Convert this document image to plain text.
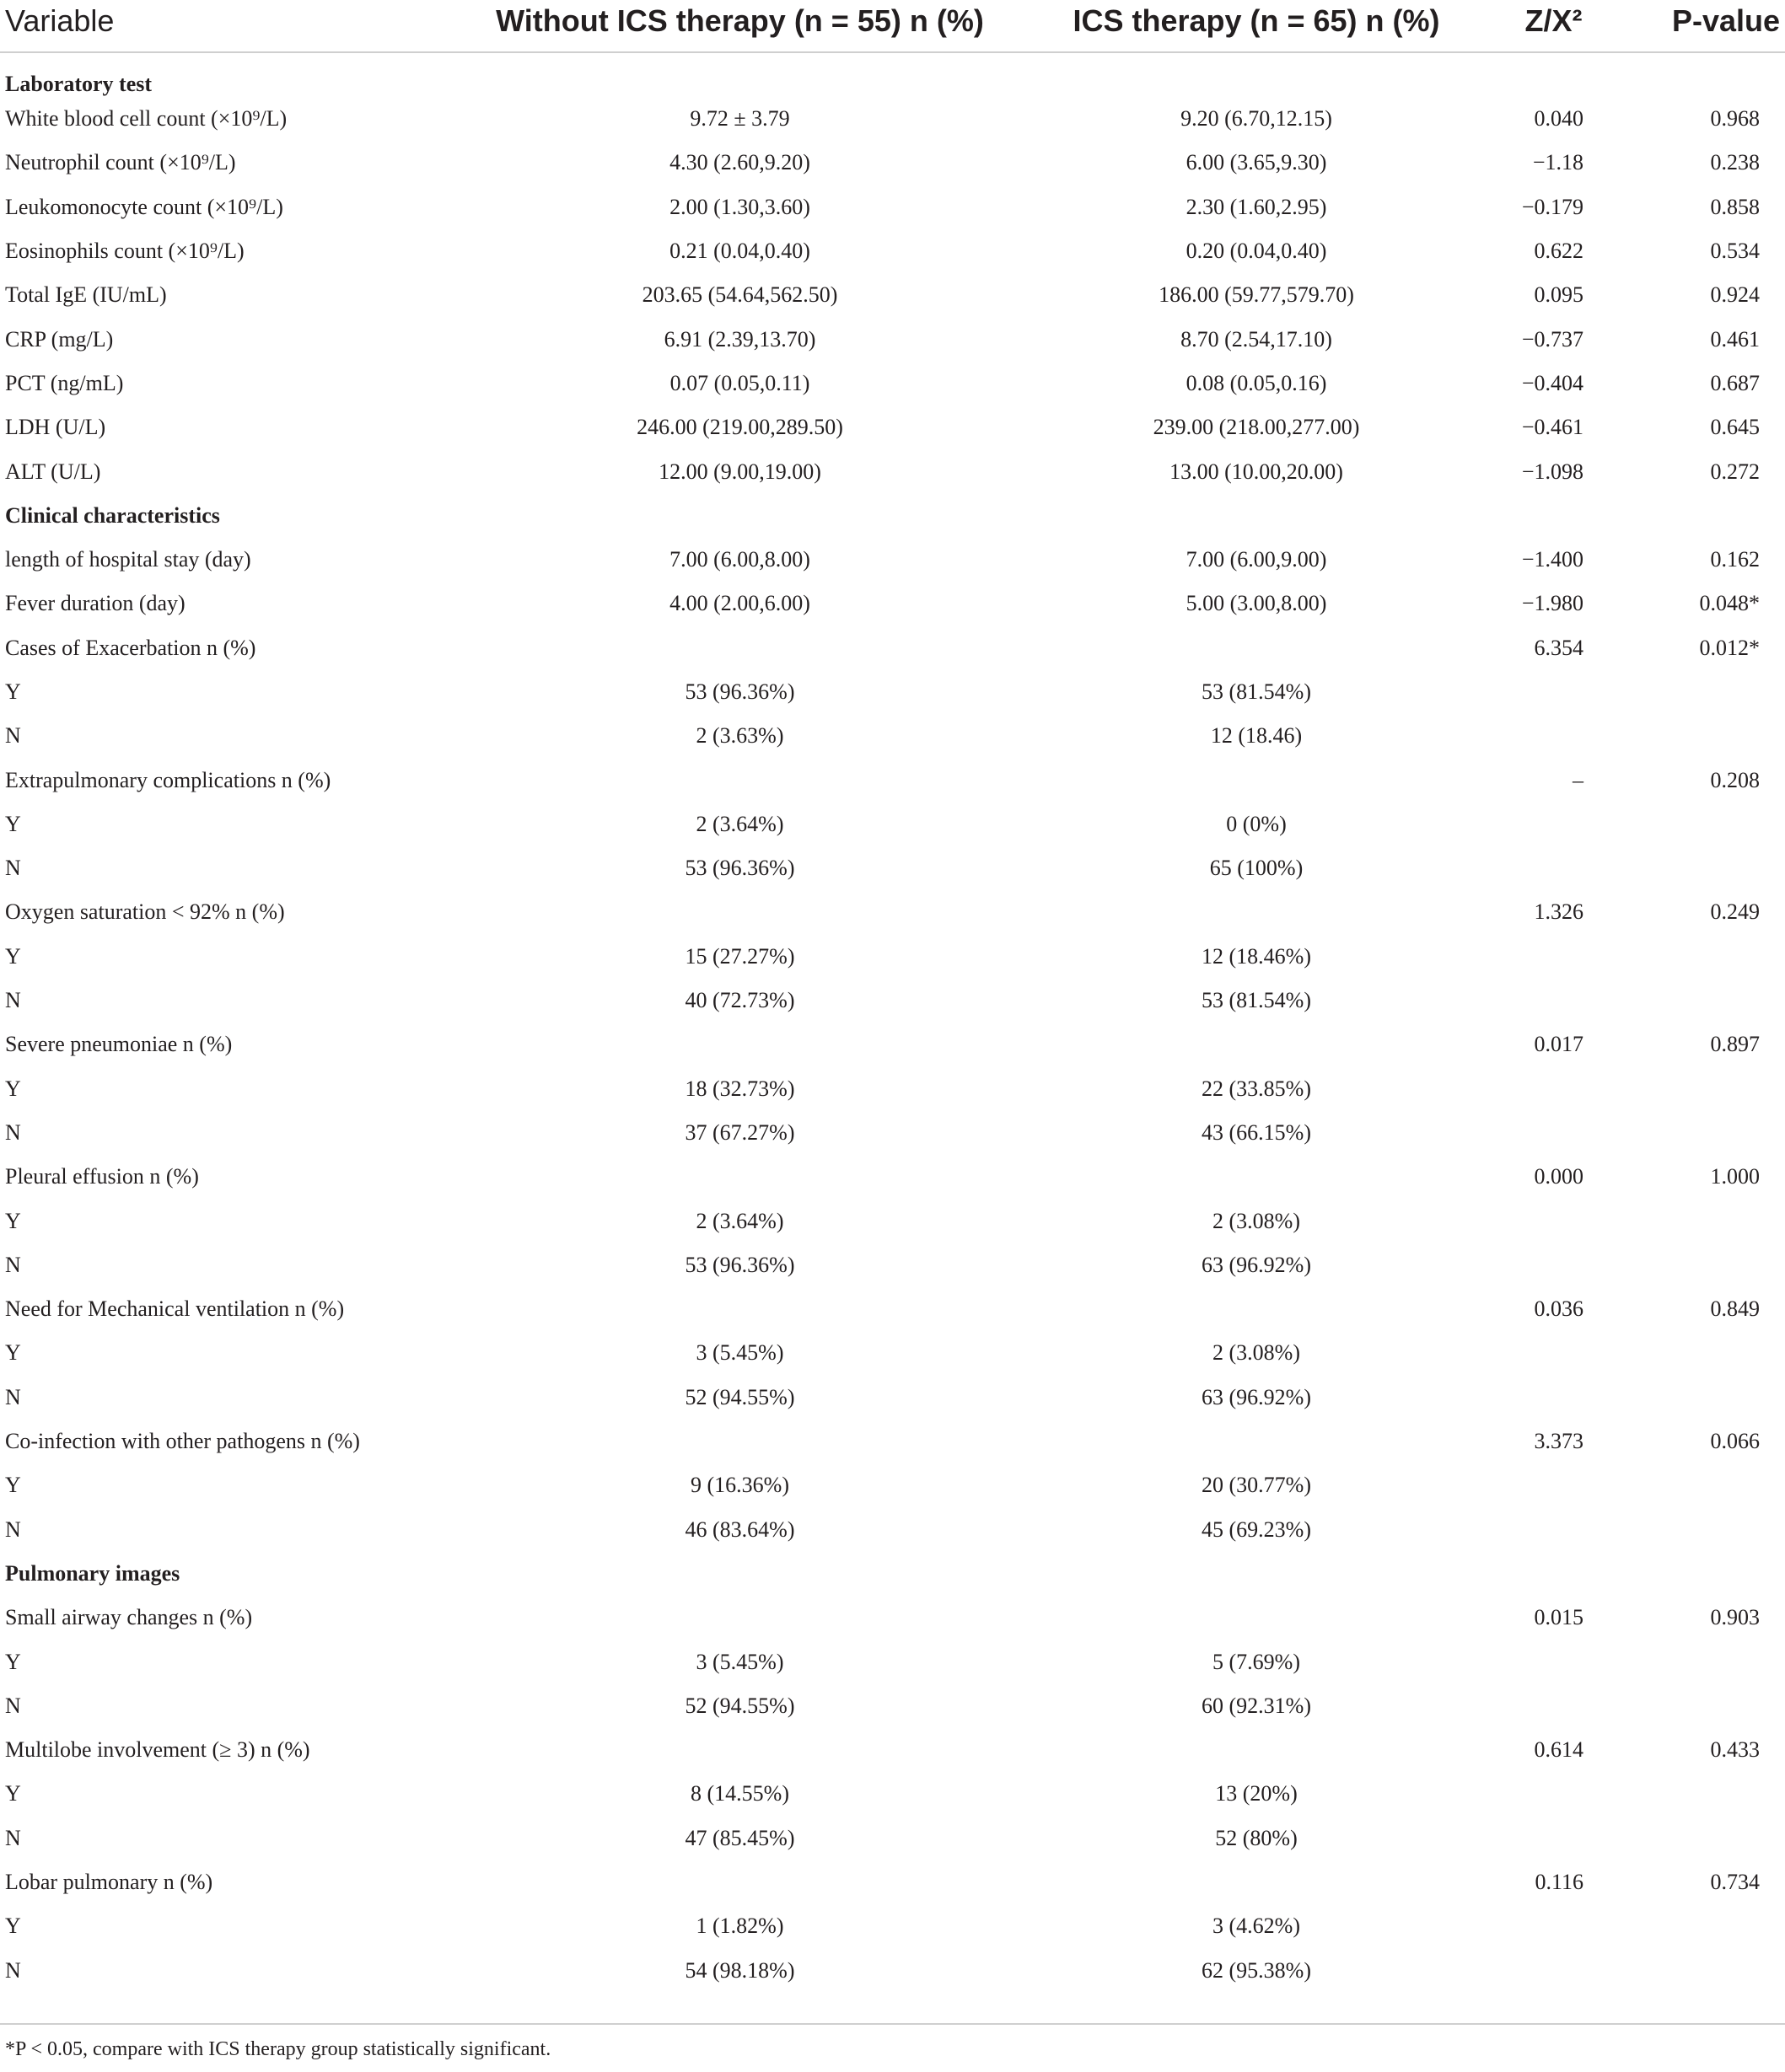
Variable	Without ICS therapy (n = 55) n (%)	ICS therapy (n = 65) n (%)	Z/X²	P-value
Laboratory test				
White blood cell count (×10⁹/L)	9.72 ± 3.79	9.20 (6.70,12.15)	0.040	0.968
Neutrophil count (×10⁹/L)	4.30 (2.60,9.20)	6.00 (3.65,9.30)	−1.18	0.238
Leukomonocyte count (×10⁹/L)	2.00 (1.30,3.60)	2.30 (1.60,2.95)	−0.179	0.858
Eosinophils count (×10⁹/L)	0.21 (0.04,0.40)	0.20 (0.04,0.40)	0.622	0.534
Total IgE (IU/mL)	203.65 (54.64,562.50)	186.00 (59.77,579.70)	0.095	0.924
CRP (mg/L)	6.91 (2.39,13.70)	8.70 (2.54,17.10)	−0.737	0.461
PCT (ng/mL)	0.07 (0.05,0.11)	0.08 (0.05,0.16)	−0.404	0.687
LDH (U/L)	246.00 (219.00,289.50)	239.00 (218.00,277.00)	−0.461	0.645
ALT (U/L)	12.00 (9.00,19.00)	13.00 (10.00,20.00)	−1.098	0.272
Clinical characteristics				
length of hospital stay (day)	7.00 (6.00,8.00)	7.00 (6.00,9.00)	−1.400	0.162
Fever duration (day)	4.00 (2.00,6.00)	5.00 (3.00,8.00)	−1.980	0.048*
Cases of Exacerbation n (%)			6.354	0.012*
Y	53 (96.36%)	53 (81.54%)		
N	2 (3.63%)	12 (18.46)		
Extrapulmonary complications n (%)			–	0.208
Y	2 (3.64%)	0 (0%)		
N	53 (96.36%)	65 (100%)		
Oxygen saturation < 92% n (%)			1.326	0.249
Y	15 (27.27%)	12 (18.46%)		
N	40 (72.73%)	53 (81.54%)		
Severe pneumoniae n (%)			0.017	0.897
Y	18 (32.73%)	22 (33.85%)		
N	37 (67.27%)	43 (66.15%)		
Pleural effusion n (%)			0.000	1.000
Y	2 (3.64%)	2 (3.08%)		
N	53 (96.36%)	63 (96.92%)		
Need for Mechanical ventilation n (%)			0.036	0.849
Y	3 (5.45%)	2 (3.08%)		
N	52 (94.55%)	63 (96.92%)		
Co-infection with other pathogens n (%)			3.373	0.066
Y	9 (16.36%)	20 (30.77%)		
N	46 (83.64%)	45 (69.23%)		
Pulmonary images				
Small airway changes n (%)			0.015	0.903
Y	3 (5.45%)	5 (7.69%)		
N	52 (94.55%)	60 (92.31%)		
Multilobe involvement (≥ 3) n (%)			0.614	0.433
Y	8 (14.55%)	13 (20%)		
N	47 (85.45%)	52 (80%)		
Lobar pulmonary n (%)			0.116	0.734
Y	1 (1.82%)	3 (4.62%)		
N	54 (98.18%)	62 (95.38%)		
*P < 0.05, compare with ICS therapy group statistically significant.
